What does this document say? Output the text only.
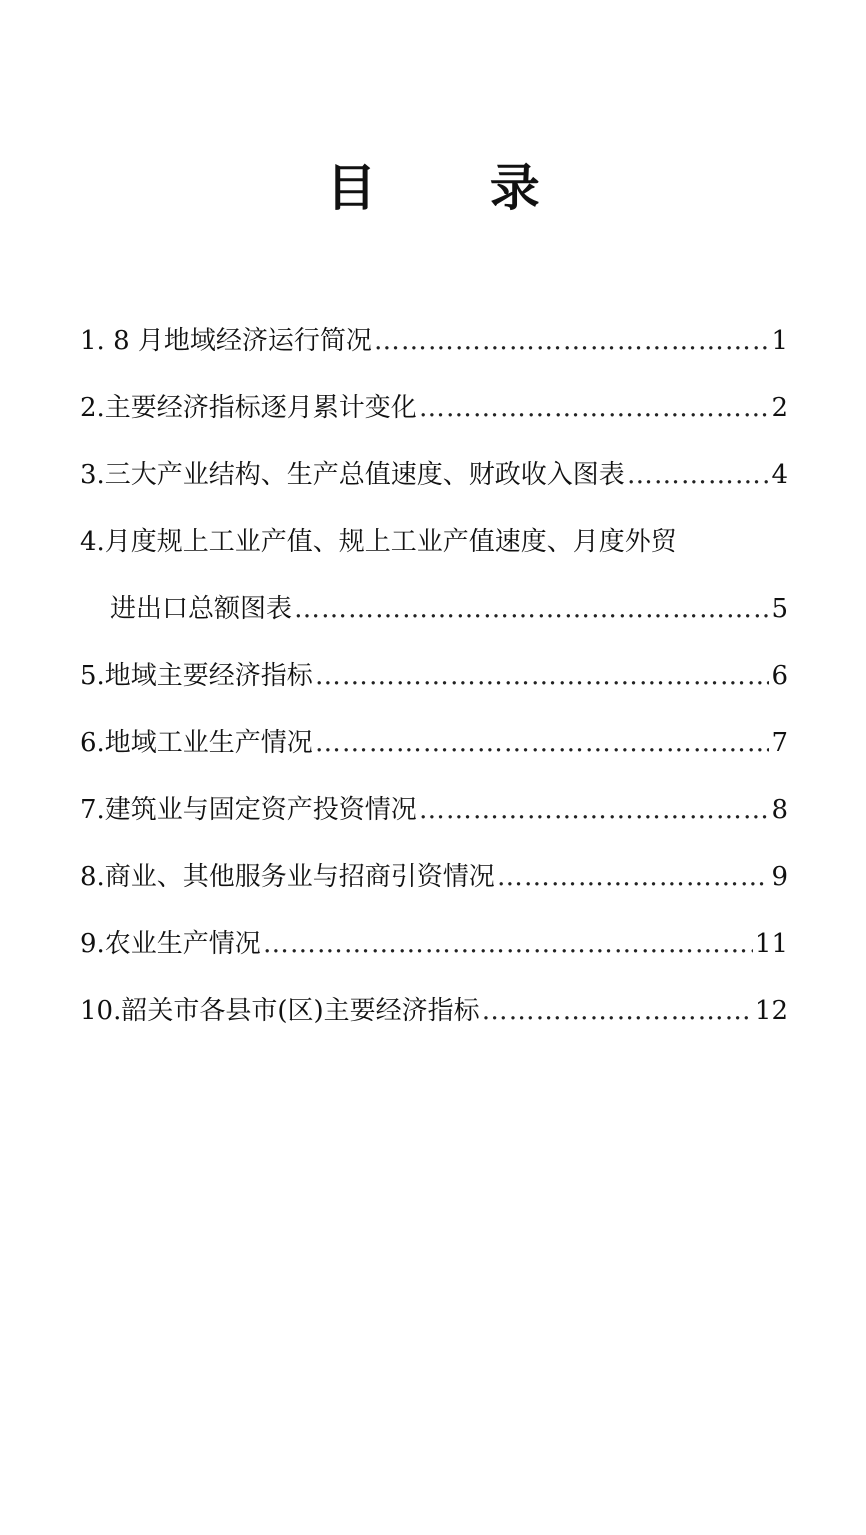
目 录
1. 8 月地域经济运行简况 ……………………………………………………………………………………………………………………	1
2.主要经济指标逐月累计变化 ……………………………………………………………………………………………………………………	2
3.三大产业结构、生产总值速度、财政收入图表 ……………………………………………………………………………………………………………………	4
4.月度规上工业产值、规上工业产值速度、月度外贸
进出口总额图表 ……………………………………………………………………………………………………………………	5
5.地域主要经济指标 ……………………………………………………………………………………………………………………	6
6.地域工业生产情况 ……………………………………………………………………………………………………………………	7
7.建筑业与固定资产投资情况 ……………………………………………………………………………………………………………………	8
8.商业、其他服务业与招商引资情况 ……………………………………………………………………………………………………………………	9
9.农业生产情况 ……………………………………………………………………………………………………………………	11
10.韶关市各县市(区)主要经济指标 ……………………………………………………………………………………………………………………	12
